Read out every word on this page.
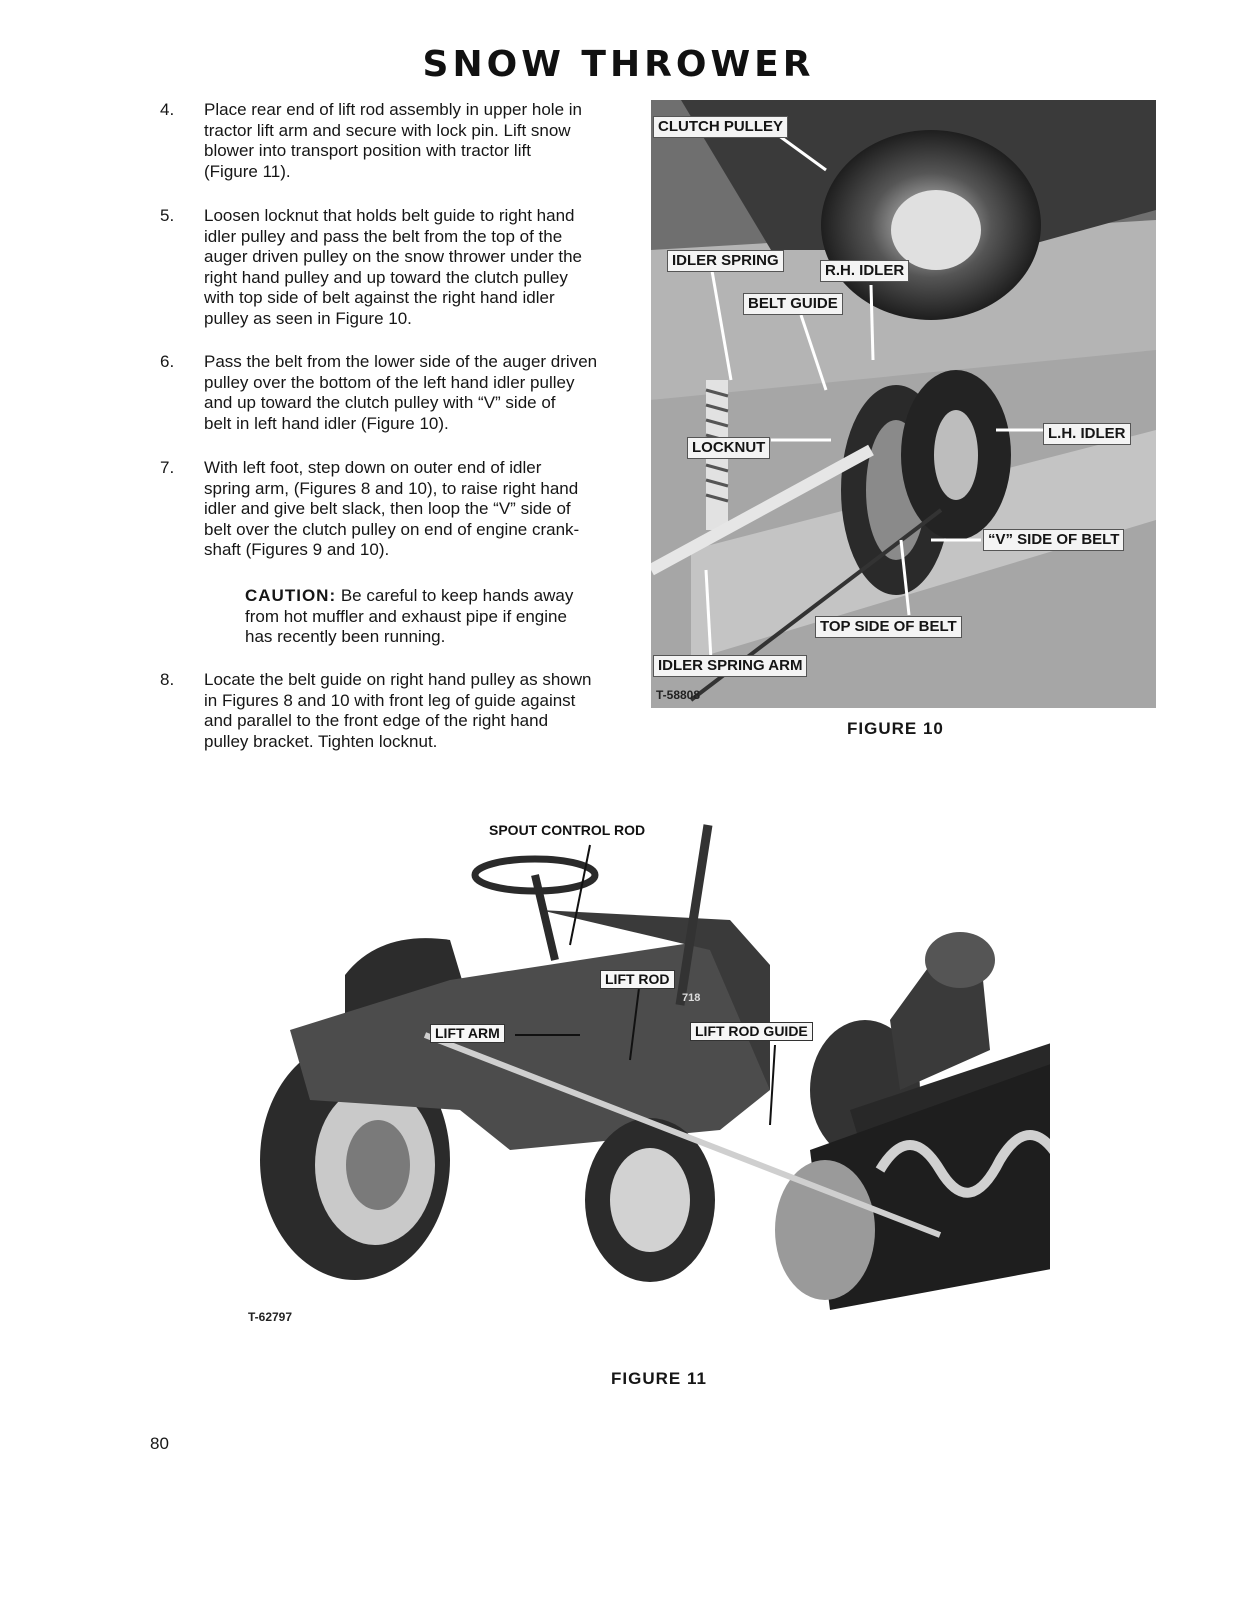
SNOW THROWER
4. Place rear end of lift rod assembly in upper hole in
tractor lift arm and secure with lock pin. Lift snow
blower into transport position with tractor lift
(Figure 11).
5. Loosen locknut that holds belt guide to right hand
idler pulley and pass the belt from the top of the
auger driven pulley on the snow thrower under the
right hand pulley and up toward the clutch pulley
with top side of belt against the right hand idler
pulley as seen in Figure 10.
6. Pass the belt from the lower side of the auger driven
pulley over the bottom of the left hand idler pulley
and up toward the clutch pulley with “V” side of
belt in left hand idler (Figure 10).
7. With left foot, step down on outer end of idler
spring arm, (Figures 8 and 10), to raise right hand
idler and give belt slack, then loop the “V” side of
belt over the clutch pulley on end of engine crank-
shaft (Figures 9 and 10).
CAUTION: Be careful to keep hands away
from hot muffler and exhaust pipe if engine
has recently been running.
8. Locate the belt guide on right hand pulley as shown
in Figures 8 and 10 with front leg of guide against
and parallel to the front edge of the right hand
pulley bracket. Tighten locknut.
CLUTCH PULLEY
IDLER SPRING
R.H. IDLER
BELT GUIDE
LOCKNUT
L.H. IDLER
“V” SIDE OF BELT
TOP SIDE OF BELT
IDLER SPRING ARM
T-58808
FIGURE 10
SPOUT CONTROL ROD
LIFT ROD
LIFT ARM	LIFT ROD GUIDE
718
T-62797
FIGURE 11
80
